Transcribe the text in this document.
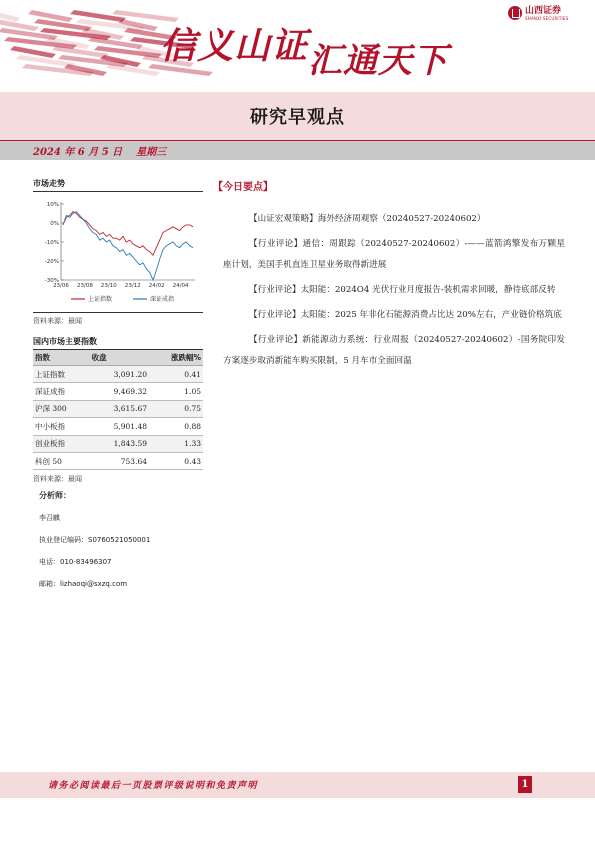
信义山证汇通天下
山西证券
SHANXI SECURITIES
研究早观点
2024 年 6 月 5 日    星期三
市场走势
10%
0%
-10%
-20%
-30%
23/06 23/08 23/10 23/12 24/02 24/04
上证指数	深证成指
资料来源：最闻
国内市场主要指数
指数	收盘	涨跌幅%
上证指数	3,091.20	0.41
深证成指	9,469.32	1.05
沪深 300	3,615.67	0.75
中小板指	5,901.48	0.88
创业板指	1,843.59	1.33
科创 50	753.64	0.43
资料来源：最闻
分析师：
李召麒
执业登记编码：S0760521050001
电话：010-83496307
邮箱：lizhaoqi@sxzq.com
【今日要点】

【山证宏观策略】海外经济周观察（20240527-20240602）

【行业评论】通信：周跟踪（20240527-20240602）-——蓝箭鸿擎发布万颗星座计划，美国手机直连卫星业务取得新进展

【行业评论】太阳能：2024O4 光伏行业月度报告-装机需求回暖，静待底部反转

【行业评论】太阳能：2025 年非化石能源消费占比达 20%左右，产业链价格筑底

【行业评论】新能源动力系统：行业周报（20240527-20240602）-国务院印发方案逐步取消新能车购买限制，5 月车市全面回温

请务必阅读最后一页股票评级说明和免责声明	1
